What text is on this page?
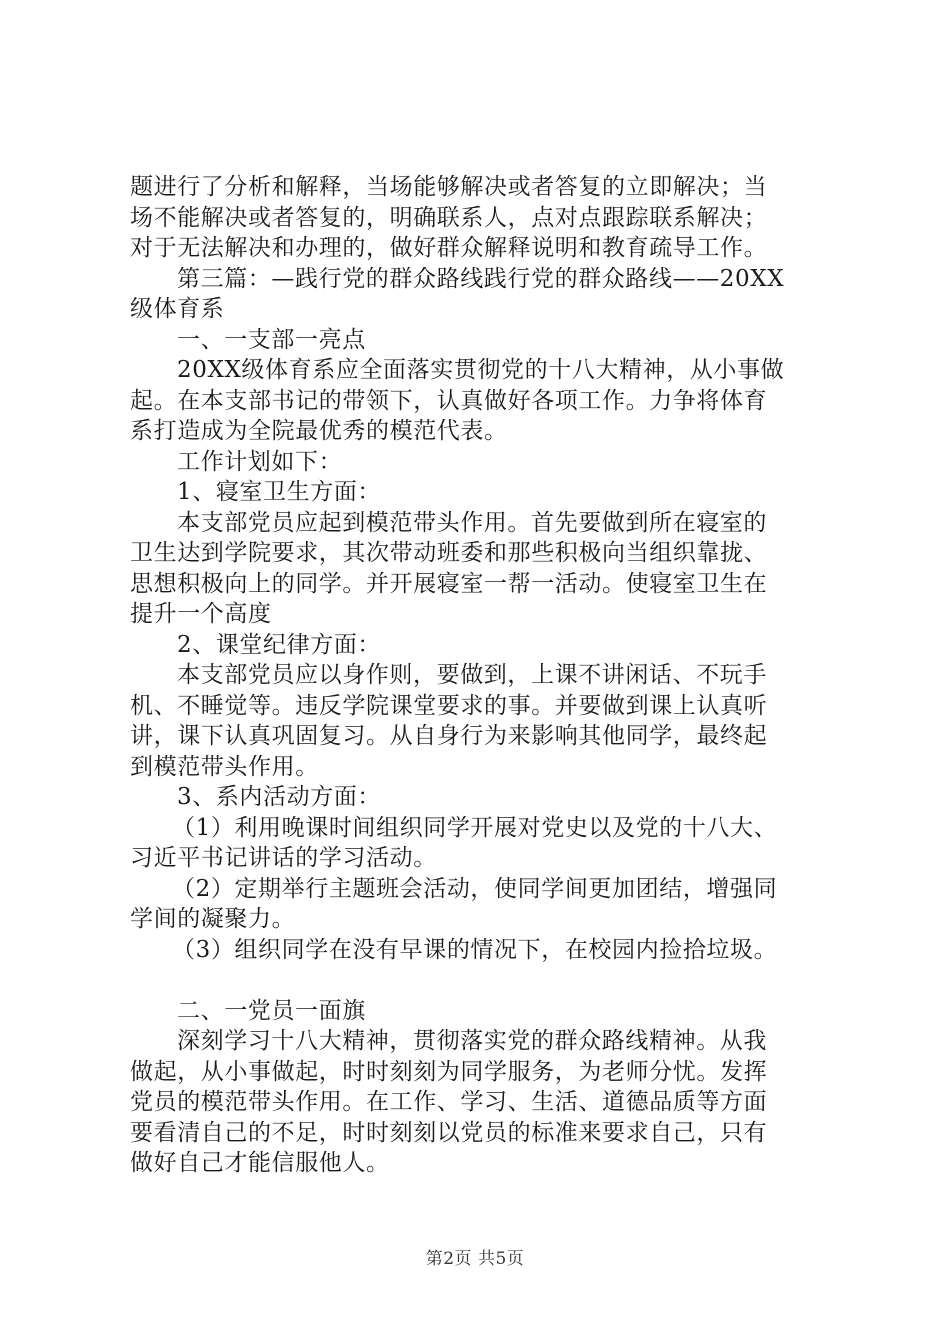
题进行了分析和解释，当场能够解决或者答复的立即解决；当
场不能解决或者答复的，明确联系人，点对点跟踪联系解决；
对于无法解决和办理的，做好群众解释说明和教育疏导工作。
第三篇：—践行党的群众路线践行党的群众路线——20XX
级体育系
一、一支部一亮点
20XX级体育系应全面落实贯彻党的十八大精神，从小事做
起。在本支部书记的带领下，认真做好各项工作。力争将体育
系打造成为全院最优秀的模范代表。
工作计划如下：
1、寝室卫生方面：
本支部党员应起到模范带头作用。首先要做到所在寝室的
卫生达到学院要求，其次带动班委和那些积极向当组织靠拢、
思想积极向上的同学。并开展寝室一帮一活动。使寝室卫生在
提升一个高度
2、课堂纪律方面：
本支部党员应以身作则，要做到，上课不讲闲话、不玩手
机、不睡觉等。违反学院课堂要求的事。并要做到课上认真听
讲，课下认真巩固复习。从自身行为来影响其他同学，最终起
到模范带头作用。
3、系内活动方面：
（1）利用晚课时间组织同学开展对党史以及党的十八大、
习近平书记讲话的学习活动。
（2）定期举行主题班会活动，使同学间更加团结，增强同
学间的凝聚力。
（3）组织同学在没有早课的情况下，在校园内捡拾垃圾。
二、一党员一面旗
深刻学习十八大精神，贯彻落实党的群众路线精神。从我
做起，从小事做起，时时刻刻为同学服务，为老师分忧。发挥
党员的模范带头作用。在工作、学习、生活、道德品质等方面
要看清自己的不足，时时刻刻以党员的标准来要求自己，只有
做好自己才能信服他人。
第2页 共5页
